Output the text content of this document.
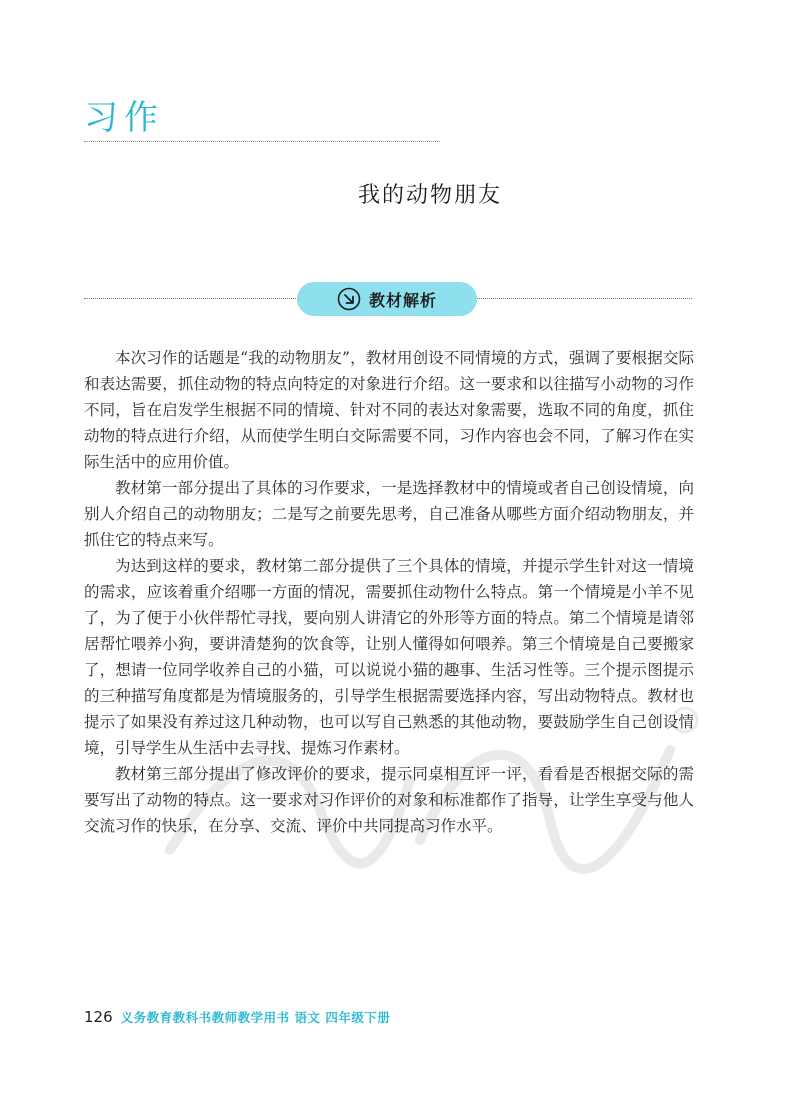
习作
我的动物朋友
教材解析

本次习作的话题是“我的动物朋友”，教材用创设不同情境的方式，强调了要根据交际和表达需要，抓住动物的特点向特定的对象进行介绍。这一要求和以往描写小动物的习作不同，旨在启发学生根据不同的情境、针对不同的表达对象需要，选取不同的角度，抓住动物的特点进行介绍，从而使学生明白交际需要不同，习作内容也会不同，了解习作在实际生活中的应用价值。

教材第一部分提出了具体的习作要求，一是选择教材中的情境或者自己创设情境，向别人介绍自己的动物朋友；二是写之前要先思考，自己准备从哪些方面介绍动物朋友，并抓住它的特点来写。

为达到这样的要求，教材第二部分提供了三个具体的情境，并提示学生针对这一情境的需求，应该着重介绍哪一方面的情况，需要抓住动物什么特点。第一个情境是小羊不见了，为了便于小伙伴帮忙寻找，要向别人讲清它的外形等方面的特点。第二个情境是请邻居帮忙喂养小狗，要讲清楚狗的饮食等，让别人懂得如何喂养。第三个情境是自己要搬家了，想请一位同学收养自己的小猫，可以说说小猫的趣事、生活习性等。三个提示图提示的三种描写角度都是为情境服务的，引导学生根据需要选择内容，写出动物特点。教材也提示了如果没有养过这几种动物，也可以写自己熟悉的其他动物，要鼓励学生自己创设情境，引导学生从生活中去寻找、提炼习作素材。

教材第三部分提出了修改评价的要求，提示同桌相互评一评，看看是否根据交际的需要写出了动物的特点。这一要求对习作评价的对象和标准都作了指导，让学生享受与他人交流习作的快乐，在分享、交流、评价中共同提高习作水平。

126 义务教育教科书教师教学用书 语文 四年级下册
